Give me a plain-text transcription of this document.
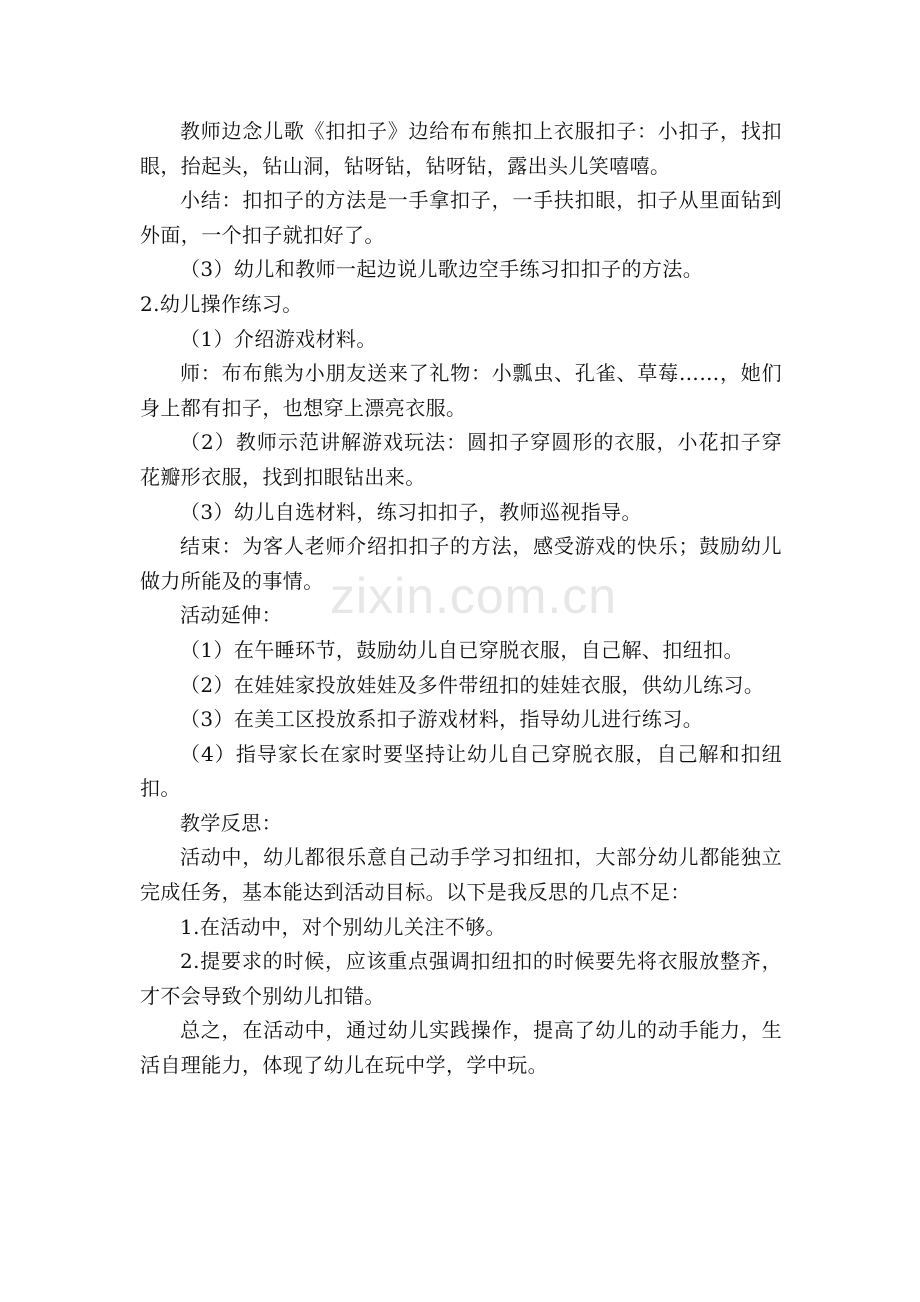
zixin.com.cn

教师边念儿歌《扣扣子》边给布布熊扣上衣服扣子：小扣子，找扣眼，抬起头，钻山洞，钻呀钻，钻呀钻，露出头儿笑嘻嘻。

小结：扣扣子的方法是一手拿扣子，一手扶扣眼，扣子从里面钻到外面，一个扣子就扣好了。

（3）幼儿和教师一起边说儿歌边空手练习扣扣子的方法。

2.幼儿操作练习。

（1）介绍游戏材料。

师：布布熊为小朋友送来了礼物：小瓢虫、孔雀、草莓……，她们身上都有扣子，也想穿上漂亮衣服。

（2）教师示范讲解游戏玩法：圆扣子穿圆形的衣服，小花扣子穿花瓣形衣服，找到扣眼钻出来。

（3）幼儿自选材料，练习扣扣子，教师巡视指导。

结束：为客人老师介绍扣扣子的方法，感受游戏的快乐；鼓励幼儿做力所能及的事情。

活动延伸：

（1）在午睡环节，鼓励幼儿自已穿脱衣服，自己解、扣纽扣。

（2）在娃娃家投放娃娃及多件带纽扣的娃娃衣服，供幼儿练习。

（3）在美工区投放系扣子游戏材料，指导幼儿进行练习。

（4）指导家长在家时要坚持让幼儿自己穿脱衣服，自己解和扣纽扣。

教学反思：

活动中，幼儿都很乐意自己动手学习扣纽扣，大部分幼儿都能独立完成任务，基本能达到活动目标。以下是我反思的几点不足：

1.在活动中，对个别幼儿关注不够。

2.提要求的时候，应该重点强调扣纽扣的时候要先将衣服放整齐，才不会导致个别幼儿扣错。

总之，在活动中，通过幼儿实践操作，提高了幼儿的动手能力，生活自理能力，体现了幼儿在玩中学，学中玩。
